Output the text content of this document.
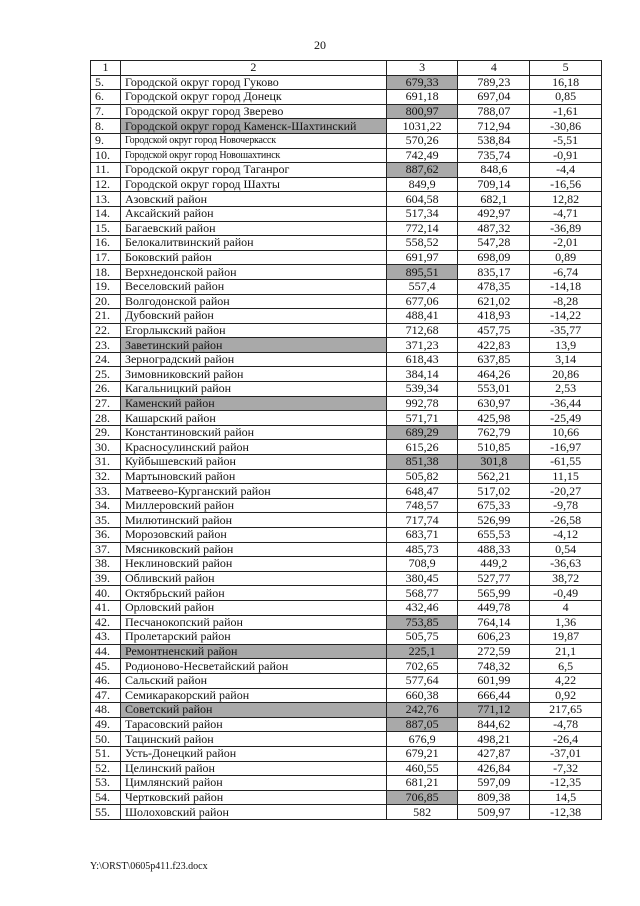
20
1	2	3	4	5
5.	Городской округ город Гуково	679,33	789,23	16,18
6.	Городской округ город Донецк	691,18	697,04	0,85
7.	Городской округ город Зверево	800,97	788,07	-1,61
8.	Городской округ город Каменск-Шахтинский	1031,22	712,94	-30,86
9.	Городской округ город Новочеркасск	570,26	538,84	-5,51
10.	Городской округ город Новошахтинск	742,49	735,74	-0,91
11.	Городской округ город Таганрог	887,62	848,6	-4,4
12.	Городской округ город Шахты	849,9	709,14	-16,56
13.	Азовский район	604,58	682,1	12,82
14.	Аксайский район	517,34	492,97	-4,71
15.	Багаевский район	772,14	487,32	-36,89
16.	Белокалитвинский район	558,52	547,28	-2,01
17.	Боковский район	691,97	698,09	0,89
18.	Верхнедонской район	895,51	835,17	-6,74
19.	Веселовский район	557,4	478,35	-14,18
20.	Волгодонской район	677,06	621,02	-8,28
21.	Дубовский район	488,41	418,93	-14,22
22.	Егорлыкский район	712,68	457,75	-35,77
23.	Заветинский район	371,23	422,83	13,9
24.	Зерноградский район	618,43	637,85	3,14
25.	Зимовниковский район	384,14	464,26	20,86
26.	Кагальницкий район	539,34	553,01	2,53
27.	Каменский район	992,78	630,97	-36,44
28.	Кашарский район	571,71	425,98	-25,49
29.	Константиновский район	689,29	762,79	10,66
30.	Красносулинский район	615,26	510,85	-16,97
31.	Куйбышевский район	851,38	301,8	-61,55
32.	Мартыновский район	505,82	562,21	11,15
33.	Матвеево-Курганский район	648,47	517,02	-20,27
34.	Миллеровский район	748,57	675,33	-9,78
35.	Милютинский район	717,74	526,99	-26,58
36.	Морозовский район	683,71	655,53	-4,12
37.	Мясниковский район	485,73	488,33	0,54
38.	Неклиновский район	708,9	449,2	-36,63
39.	Обливский район	380,45	527,77	38,72
40.	Октябрьский район	568,77	565,99	-0,49
41.	Орловский район	432,46	449,78	4
42.	Песчанокопский район	753,85	764,14	1,36
43.	Пролетарский район	505,75	606,23	19,87
44.	Ремонтненский район	225,1	272,59	21,1
45.	Родионово-Несветайский район	702,65	748,32	6,5
46.	Сальский район	577,64	601,99	4,22
47.	Семикаракорский район	660,38	666,44	0,92
48.	Советский район	242,76	771,12	217,65
49.	Тарасовский район	887,05	844,62	-4,78
50.	Тацинский район	676,9	498,21	-26,4
51.	Усть-Донецкий район	679,21	427,87	-37,01
52.	Целинский район	460,55	426,84	-7,32
53.	Цимлянский район	681,21	597,09	-12,35
54.	Чертковский район	706,85	809,38	14,5
55.	Шолоховский район	582	509,97	-12,38
Y:\ORST\0605p411.f23.docx
